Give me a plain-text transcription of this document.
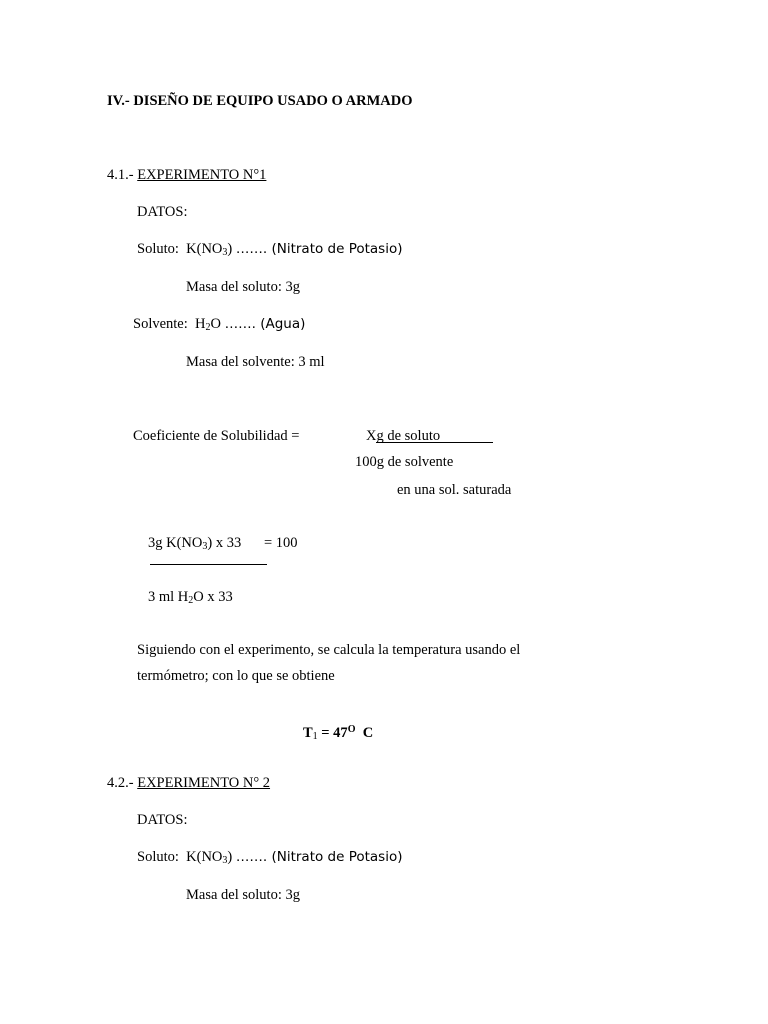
IV.- DISEÑO DE EQUIPO USADO O ARMADO
4.1.- EXPERIMENTO N°1
DATOS:
Soluto: $K(NO_3)$ ……. (Nitrato de Potasio)
Masa del soluto: 3g
Solvente: $H_2O$ ……. (Agua)
Masa del solvente: 3 ml
Coeficiente de Solubilidad =	Xg de soluto
100g de solvente
en una sol. saturada
3g $K(NO_3)$ x 33 = 100
3 ml $H_2O$ x 33
Siguiendo con el experimento, se calcula la temperatura usando el
termómetro; con lo que se obtiene
$T_1 = 47^O$ C
4.2.- EXPERIMENTO N° 2
DATOS:
Soluto: $K(NO_3)$ ……. (Nitrato de Potasio)
Masa del soluto: 3g
